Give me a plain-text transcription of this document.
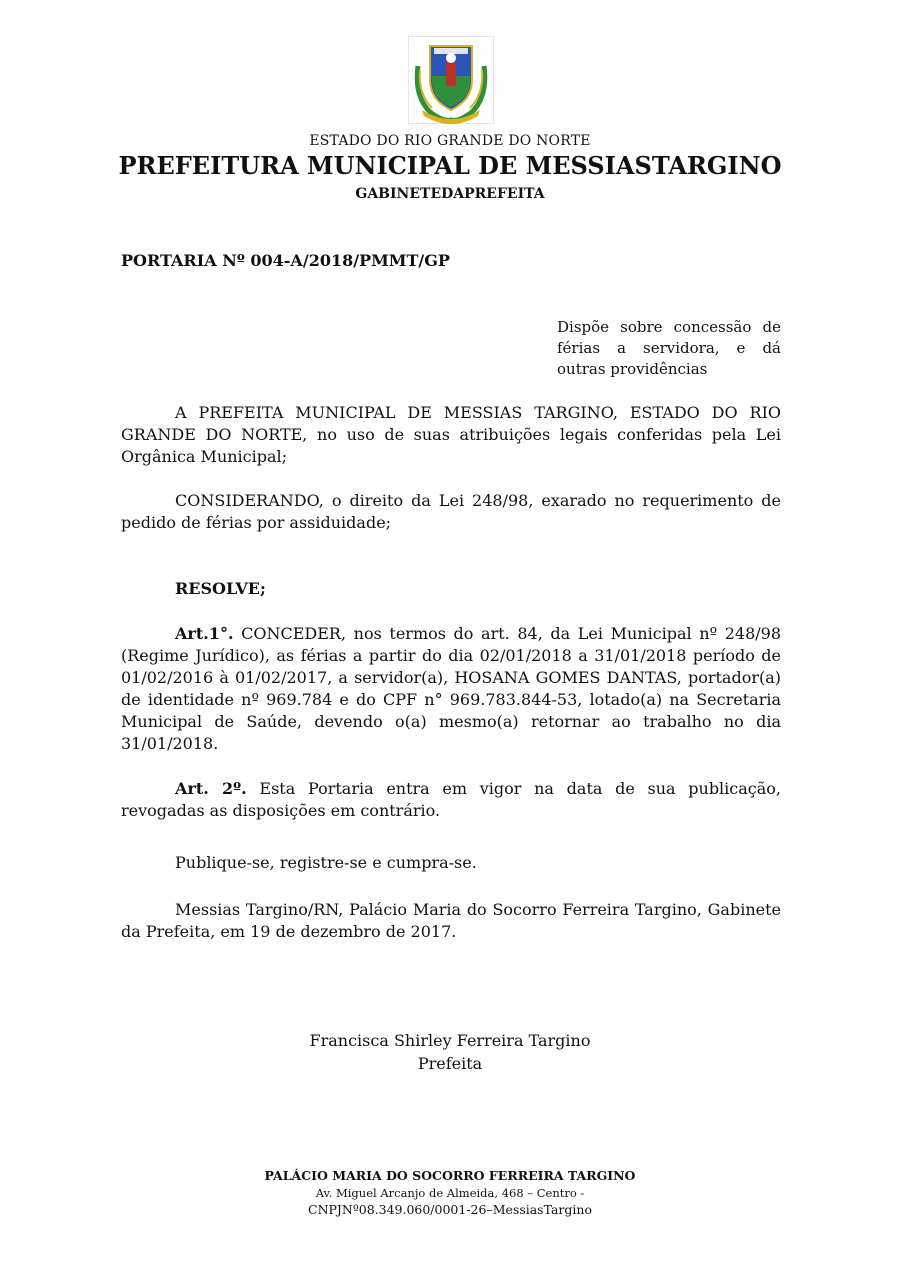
ESTADO DO RIO GRANDE DO NORTE
PREFEITURA MUNICIPAL DE MESSIASTARGINO
GABINETEDAPREFEITA
PORTARIA Nº 004-A/2018/PMMT/GP
Dispõe sobre concessão de férias a servidora, e dá outras providências
A PREFEITA MUNICIPAL DE MESSIAS TARGINO, ESTADO DO RIO GRANDE DO NORTE, no uso de suas atribuições legais conferidas pela Lei Orgânica Municipal;
CONSIDERANDO, o direito da Lei 248/98, exarado no requerimento de pedido de férias por assiduidade;
RESOLVE;
Art.1°. CONCEDER, nos termos do art. 84, da Lei Municipal nº 248/98 (Regime Jurídico), as férias a partir do dia 02/01/2018 a 31/01/2018 período de 01/02/2016 à 01/02/2017, a servidor(a), HOSANA GOMES DANTAS, portador(a) de identidade nº 969.784 e do CPF n° 969.783.844-53, lotado(a) na Secretaria Municipal de Saúde, devendo o(a) mesmo(a) retornar ao trabalho no dia 31/01/2018.
Art. 2º. Esta Portaria entra em vigor na data de sua publicação, revogadas as disposições em contrário.
Publique-se, registre-se e cumpra-se.
Messias Targino/RN, Palácio Maria do Socorro Ferreira Targino, Gabinete da Prefeita, em 19 de dezembro de 2017.
Francisca Shirley Ferreira Targino
Prefeita
PALÁCIO MARIA DO SOCORRO FERREIRA TARGINO
Av. Miguel Arcanjo de Almeida, 468 – Centro -
CNPJNº08.349.060/0001-26–MessiasTargino
